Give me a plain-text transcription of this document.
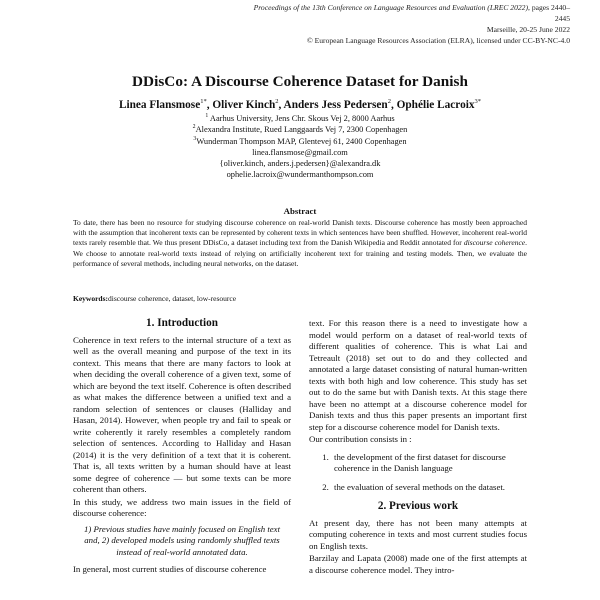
Proceedings of the 13th Conference on Language Resources and Evaluation (LREC 2022), pages 2440–2445
Marseille, 20-25 June 2022
© European Language Resources Association (ELRA), licensed under CC-BY-NC-4.0
DDisCo: A Discourse Coherence Dataset for Danish
Linea Flansmose$^{1*}$, Oliver Kinch$^2$, Anders Jess Pedersen$^2$, Ophélie Lacroix$^{3*}$
$^1$ Aarhus University, Jens Chr. Skous Vej 2, 8000 Aarhus
$^2$Alexandra Institute, Rued Langgaards Vej 7, 2300 Copenhagen
$^3$Wunderman Thompson MAP, Glentevej 61, 2400 Copenhagen
linea.flansmose@gmail.com
{oliver.kinch, anders.j.pedersen}@alexandra.dk
ophelie.lacroix@wundermanthompson.com
Abstract
To date, there has been no resource for studying discourse coherence on real-world Danish texts. Discourse coherence has mostly been approached with the assumption that incoherent texts can be represented by coherent texts in which sentences have been shuffled. However, incoherent real-world texts rarely resemble that. We thus present DDisCo, a dataset including text from the Danish Wikipedia and Reddit annotated for discourse coherence. We choose to annotate real-world texts instead of relying on artificially incoherent text for training and testing models. Then, we evaluate the performance of several methods, including neural networks, on the dataset.
Keywords:discourse coherence, dataset, low-resource
1. Introduction

Coherence in text refers to the internal structure of a text as well as the overall meaning and purpose of the text in its context. This means that there are many factors to look at when deciding the overall coherence of a given text, some of which are beyond the text itself. Coherence is often described as what makes the difference between a unified text and a random selection of sentences or clauses (Halliday and Hasan, 2014). However, when people try and fail to speak or write coherently it rarely resembles a completely random selection of sentences. According to Halliday and Hasan (2014) it is the very definition of a text that it is coherent. That is, all texts written by a human should have at least some degree of coherence — but some texts can be more coherent than others.

In this study, we address two main issues in the field of discourse coherence:

1) Previous studies have mainly focused on English text and, 2) developed models using randomly shuffled texts instead of real-world annotated data.

In general, most current studies of discourse coherence

text. For this reason there is a need to investigate how a model would perform on a dataset of real-world texts of different qualities of coherence. This is what Lai and Tetreault (2018) set out to do and they collected and annotated a large dataset consisting of natural human-written texts with both high and low coherence. This study has set out to do the same but with Danish texts. At this stage there have been no attempt at a discourse coherence model for Danish texts and thus this paper presents an important first step for a discourse coherence model for Danish texts.

Our contribution consists in :

1. the development of the first dataset for discourse coherence in the Danish language
2. the evaluation of several methods on the dataset.
2. Previous work

At present day, there has not been many attempts at computing coherence in texts and most current studies focus on English texts.

Barzilay and Lapata (2008) made one of the first attempts at a discourse coherence model. They intro-
